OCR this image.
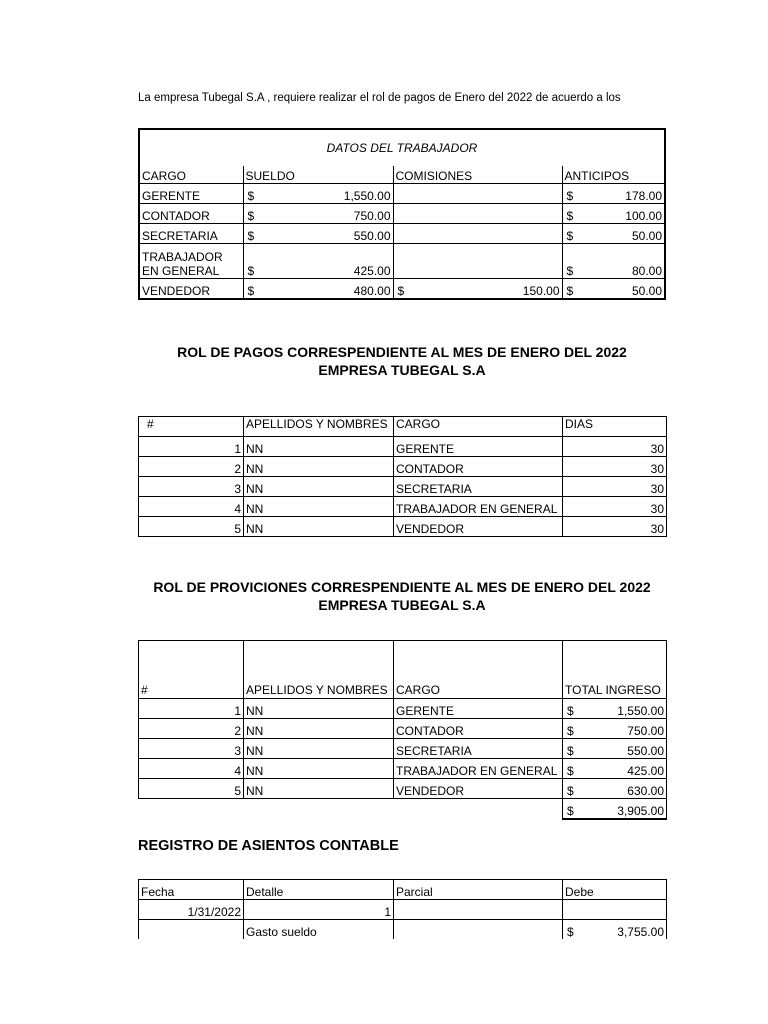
La empresa Tubegal S.A , requiere realizar el rol de pagos de Enero del 2022 de acuerdo a los
DATOS DEL TRABAJADOR			
CARGO	SUELDO	COMISIONES	ANTICIPOS
GERENTE	$ 1,550.00		$ 178.00

CONTADOR	$ 750.00		$ 100.00

SECRETARIA	$ 550.00		$ 50.00

TRABAJADOR EN GENERAL	$ 425.00		$ 80.00

VENDEDOR	$ 480.00	$ 150.00	$ 50.00
ROL DE PAGOS CORRESPENDIENTE AL MES DE ENERO DEL 2022
EMPRESA TUBEGAL S.A
#	APELLIDOS Y NOMBRES	CARGO	DIAS
1	NN	GERENTE	30
2	NN	CONTADOR	30
3	NN	SECRETARIA	30
4	NN	TRABAJADOR EN GENERAL	30
5	NN	VENDEDOR	30
ROL DE PROVICIONES CORRESPENDIENTE AL MES DE ENERO DEL 2022
EMPRESA TUBEGAL S.A
#	APELLIDOS Y NOMBRES	CARGO	TOTAL INGRESO
1	NN	GERENTE	$ 1,550.00

2	NN	CONTADOR	$ 750.00

3	NN	SECRETARIA	$ 550.00

4	NN	TRABAJADOR EN GENERAL	$ 425.00

5	NN	VENDEDOR	$ 630.00

			$ 3,905.00
REGISTRO DE ASIENTOS CONTABLE
Fecha	Detalle	Parcial	Debe
1/31/2022	1		
	Gasto sueldo		$ 3,755.00
